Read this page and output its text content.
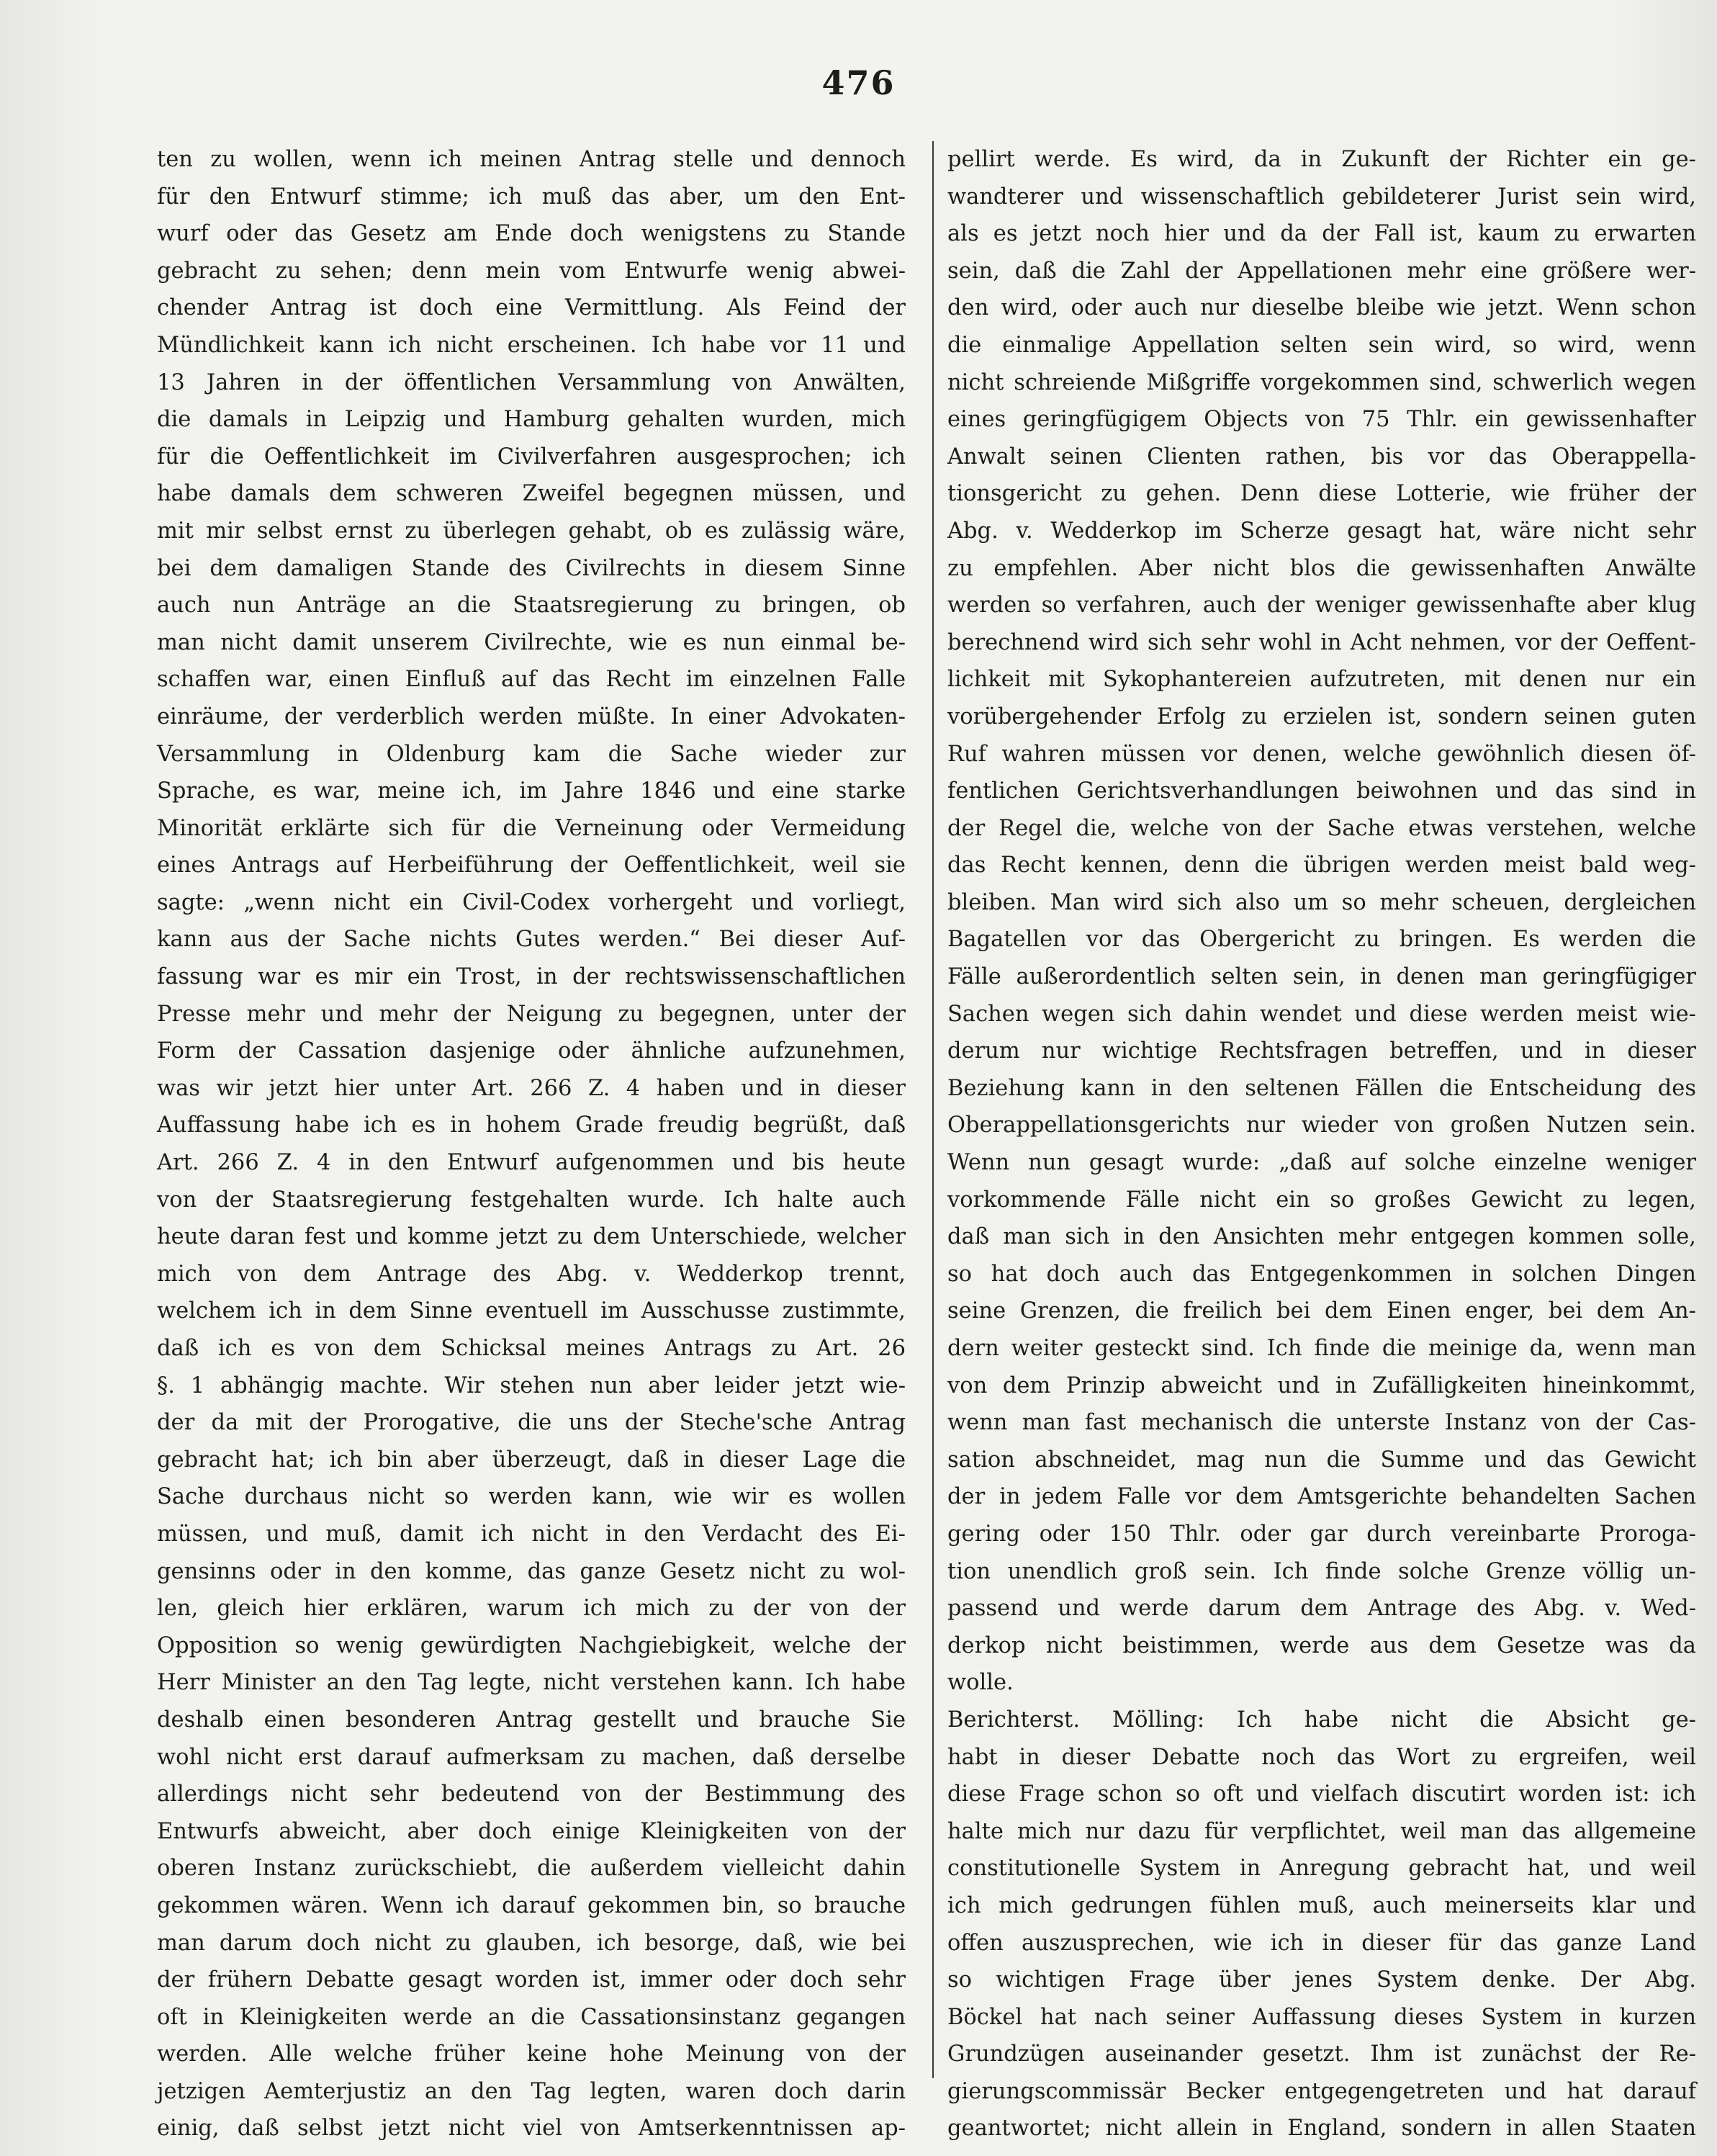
476
ten zu wollen, wenn ich meinen Antrag stelle und dennoch
für den Entwurf stimme; ich muß das aber, um den Ent-
wurf oder das Gesetz am Ende doch wenigstens zu Stande
gebracht zu sehen; denn mein vom Entwurfe wenig abwei-
chender Antrag ist doch eine Vermittlung. Als Feind der
Mündlichkeit kann ich nicht erscheinen. Ich habe vor 11 und
13 Jahren in der öffentlichen Versammlung von Anwälten,
die damals in Leipzig und Hamburg gehalten wurden, mich
für die Oeffentlichkeit im Civilverfahren ausgesprochen; ich
habe damals dem schweren Zweifel begegnen müssen, und
mit mir selbst ernst zu überlegen gehabt, ob es zulässig wäre,
bei dem damaligen Stande des Civilrechts in diesem Sinne
auch nun Anträge an die Staatsregierung zu bringen, ob
man nicht damit unserem Civilrechte, wie es nun einmal be-
schaffen war, einen Einfluß auf das Recht im einzelnen Falle
einräume, der verderblich werden müßte. In einer Advokaten-
Versammlung in Oldenburg kam die Sache wieder zur
Sprache, es war, meine ich, im Jahre 1846 und eine starke
Minorität erklärte sich für die Verneinung oder Vermeidung
eines Antrags auf Herbeiführung der Oeffentlichkeit, weil sie
sagte: „wenn nicht ein Civil-Codex vorhergeht und vorliegt,
kann aus der Sache nichts Gutes werden.“ Bei dieser Auf-
fassung war es mir ein Trost, in der rechtswissenschaftlichen
Presse mehr und mehr der Neigung zu begegnen, unter der
Form der Cassation dasjenige oder ähnliche aufzunehmen,
was wir jetzt hier unter Art. 266 Z. 4 haben und in dieser
Auffassung habe ich es in hohem Grade freudig begrüßt, daß
Art. 266 Z. 4 in den Entwurf aufgenommen und bis heute
von der Staatsregierung festgehalten wurde. Ich halte auch
heute daran fest und komme jetzt zu dem Unterschiede, welcher
mich von dem Antrage des Abg. v. Wedderkop trennt,
welchem ich in dem Sinne eventuell im Ausschusse zustimmte,
daß ich es von dem Schicksal meines Antrags zu Art. 26
§. 1 abhängig machte. Wir stehen nun aber leider jetzt wie-
der da mit der Prorogative, die uns der Steche'sche Antrag
gebracht hat; ich bin aber überzeugt, daß in dieser Lage die
Sache durchaus nicht so werden kann, wie wir es wollen
müssen, und muß, damit ich nicht in den Verdacht des Ei-
gensinns oder in den komme, das ganze Gesetz nicht zu wol-
len, gleich hier erklären, warum ich mich zu der von der
Opposition so wenig gewürdigten Nachgiebigkeit, welche der
Herr Minister an den Tag legte, nicht verstehen kann. Ich habe
deshalb einen besonderen Antrag gestellt und brauche Sie
wohl nicht erst darauf aufmerksam zu machen, daß derselbe
allerdings nicht sehr bedeutend von der Bestimmung des
Entwurfs abweicht, aber doch einige Kleinigkeiten von der
oberen Instanz zurückschiebt, die außerdem vielleicht dahin
gekommen wären. Wenn ich darauf gekommen bin, so brauche
man darum doch nicht zu glauben, ich besorge, daß, wie bei
der frühern Debatte gesagt worden ist, immer oder doch sehr
oft in Kleinigkeiten werde an die Cassationsinstanz gegangen
werden. Alle welche früher keine hohe Meinung von der
jetzigen Aemterjustiz an den Tag legten, waren doch darin
einig, daß selbst jetzt nicht viel von Amtserkenntnissen ap-
pellirt werde. Es wird, da in Zukunft der Richter ein ge-
wandterer und wissenschaftlich gebildeterer Jurist sein wird,
als es jetzt noch hier und da der Fall ist, kaum zu erwarten
sein, daß die Zahl der Appellationen mehr eine größere wer-
den wird, oder auch nur dieselbe bleibe wie jetzt. Wenn schon
die einmalige Appellation selten sein wird, so wird, wenn
nicht schreiende Mißgriffe vorgekommen sind, schwerlich wegen
eines geringfügigem Objects von 75 Thlr. ein gewissenhafter
Anwalt seinen Clienten rathen, bis vor das Oberappella-
tionsgericht zu gehen. Denn diese Lotterie, wie früher der
Abg. v. Wedderkop im Scherze gesagt hat, wäre nicht sehr
zu empfehlen. Aber nicht blos die gewissenhaften Anwälte
werden so verfahren, auch der weniger gewissenhafte aber klug
berechnend wird sich sehr wohl in Acht nehmen, vor der Oeffent-
lichkeit mit Sykophantereien aufzutreten, mit denen nur ein
vorübergehender Erfolg zu erzielen ist, sondern seinen guten
Ruf wahren müssen vor denen, welche gewöhnlich diesen öf-
fentlichen Gerichtsverhandlungen beiwohnen und das sind in
der Regel die, welche von der Sache etwas verstehen, welche
das Recht kennen, denn die übrigen werden meist bald weg-
bleiben. Man wird sich also um so mehr scheuen, dergleichen
Bagatellen vor das Obergericht zu bringen. Es werden die
Fälle außerordentlich selten sein, in denen man geringfügiger
Sachen wegen sich dahin wendet und diese werden meist wie-
derum nur wichtige Rechtsfragen betreffen, und in dieser
Beziehung kann in den seltenen Fällen die Entscheidung des
Oberappellationsgerichts nur wieder von großen Nutzen sein.
Wenn nun gesagt wurde: „daß auf solche einzelne weniger
vorkommende Fälle nicht ein so großes Gewicht zu legen,
daß man sich in den Ansichten mehr entgegen kommen solle,
so hat doch auch das Entgegenkommen in solchen Dingen
seine Grenzen, die freilich bei dem Einen enger, bei dem An-
dern weiter gesteckt sind. Ich finde die meinige da, wenn man
von dem Prinzip abweicht und in Zufälligkeiten hineinkommt,
wenn man fast mechanisch die unterste Instanz von der Cas-
sation abschneidet, mag nun die Summe und das Gewicht
der in jedem Falle vor dem Amtsgerichte behandelten Sachen
gering oder 150 Thlr. oder gar durch vereinbarte Proroga-
tion unendlich groß sein. Ich finde solche Grenze völlig un-
passend und werde darum dem Antrage des Abg. v. Wed-
derkop nicht beistimmen, werde aus dem Gesetze was da
wolle.
Berichterst. Mölling: Ich habe nicht die Absicht ge-
habt in dieser Debatte noch das Wort zu ergreifen, weil
diese Frage schon so oft und vielfach discutirt worden ist: ich
halte mich nur dazu für verpflichtet, weil man das allgemeine
constitutionelle System in Anregung gebracht hat, und weil
ich mich gedrungen fühlen muß, auch meinerseits klar und
offen auszusprechen, wie ich in dieser für das ganze Land
so wichtigen Frage über jenes System denke. Der Abg.
Böckel hat nach seiner Auffassung dieses System in kurzen
Grundzügen auseinander gesetzt. Ihm ist zunächst der Re-
gierungscommissär Becker entgegengetreten und hat darauf
geantwortet; nicht allein in England, sondern in allen Staaten
